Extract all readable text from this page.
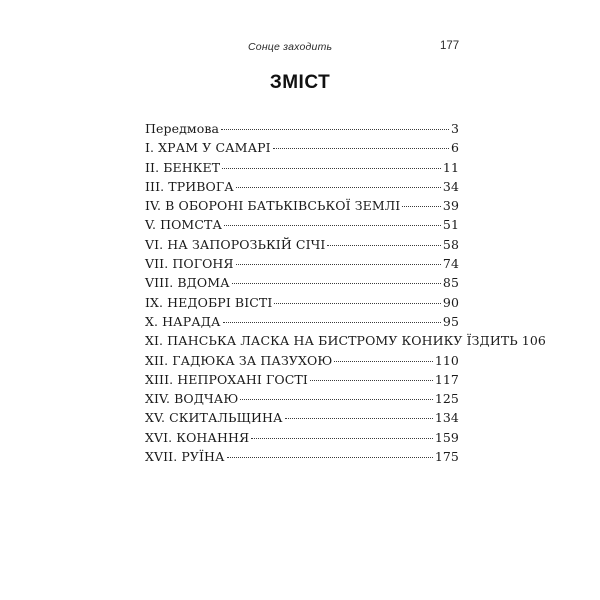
Сонце заходить	177
ЗМІСТ
Передмова	3
І. ХРАМ У САМАРІ	6
ІІ. БЕНКЕТ	11
ІІІ. ТРИВОГА	34
IV. В ОБОРОНІ БАТЬКІВСЬКОЇ ЗЕМЛІ	39
V. ПОМСТА	51
VI. НА ЗАПОРОЗЬКІЙ СІЧІ	58
VІІ. ПОГОНЯ	74
VIII. ВДОМА	85
IX. НЕДОБРІ ВІСТІ	90
X. НАРАДА	95
XI. ПАНСЬКА ЛАСКА НА БИСТРОМУ КОНИКУ ЇЗДИТЬ 106
XII. ГАДЮКА ЗА ПАЗУХОЮ	110
XIII. НЕПРОХАНІ ГОСТІ	117
XIV. ВОДЧАЮ	125
XV. СКИТАЛЬЩИНА	134
XVI. КОНАННЯ	159
XVII. РУЇНА	175
